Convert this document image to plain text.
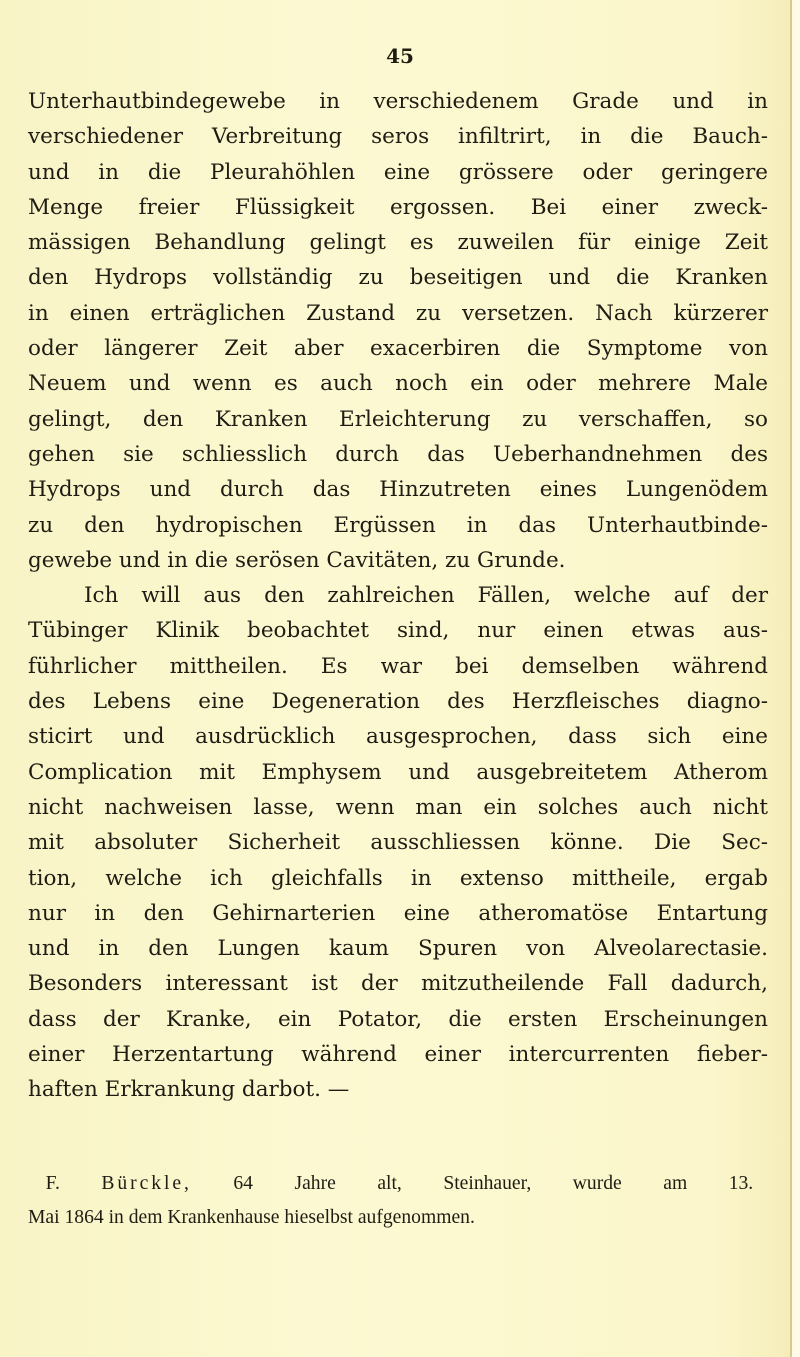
45
Unterhautbindegewebe in verschiedenem Grade und in
verschiedener Verbreitung seros infiltrirt, in die Bauch-
und in die Pleurahöhlen eine grössere oder geringere
Menge freier Flüssigkeit ergossen. Bei einer zweck-
mässigen Behandlung gelingt es zuweilen für einige Zeit
den Hydrops vollständig zu beseitigen und die Kranken
in einen erträglichen Zustand zu versetzen. Nach kürzerer
oder längerer Zeit aber exacerbiren die Symptome von
Neuem und wenn es auch noch ein oder mehrere Male
gelingt, den Kranken Erleichterung zu verschaffen, so
gehen sie schliesslich durch das Ueberhandnehmen des
Hydrops und durch das Hinzutreten eines Lungenödem
zu den hydropischen Ergüssen in das Unterhautbinde-
gewebe und in die serösen Cavitäten, zu Grunde.
Ich will aus den zahlreichen Fällen, welche auf der
Tübinger Klinik beobachtet sind, nur einen etwas aus-
führlicher mittheilen. Es war bei demselben während
des Lebens eine Degeneration des Herzfleisches diagno-
sticirt und ausdrücklich ausgesprochen, dass sich eine
Complication mit Emphysem und ausgebreitetem Atherom
nicht nachweisen lasse, wenn man ein solches auch nicht
mit absoluter Sicherheit ausschliessen könne. Die Sec-
tion, welche ich gleichfalls in extenso mittheile, ergab
nur in den Gehirnarterien eine atheromatöse Entartung
und in den Lungen kaum Spuren von Alveolarectasie.
Besonders interessant ist der mitzutheilende Fall dadurch,
dass der Kranke, ein Potator, die ersten Erscheinungen
einer Herzentartung während einer intercurrenten fieber-
haften Erkrankung darbot. —
F. Bürckle, 64 Jahre alt, Steinhauer, wurde am 13.
Mai 1864 in dem Krankenhause hieselbst aufgenommen.
